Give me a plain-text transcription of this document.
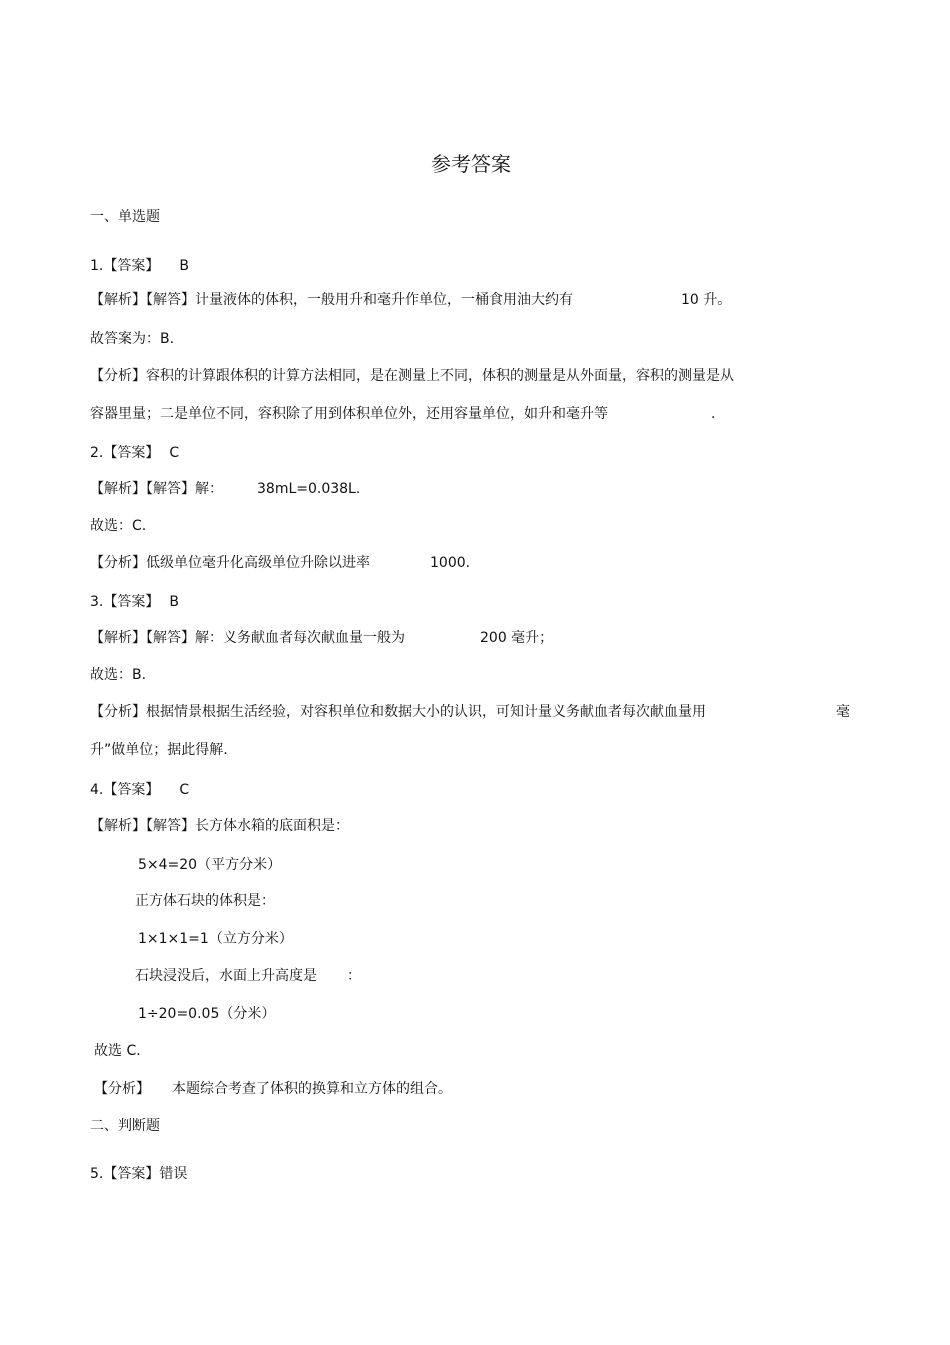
参考答案
一、单选题
1.【答案】 B
【解析】【解答】计量液体的体积，一般用升和毫升作单位，一桶食用油大约有	10 升。
故答案为：B.
【分析】容积的计算跟体积的计算方法相同，是在测量上不同，体积的测量是从外面量，容积的测量是从
容器里量；二是单位不同，容积除了用到体积单位外，还用容量单位，如升和毫升等	.
2.【答案】 C
【解析】【解答】解： 38mL=0.038L.
故选：C.
【分析】低级单位毫升化高级单位升除以进率	1000.
3.【答案】 B
【解析】【解答】解：义务献血者每次献血量一般为	200 毫升；
故选：B.
【分析】根据情景根据生活经验，对容积单位和数据大小的认识，可知计量义务献血者每次献血量用	毫
升”做单位；据此得解.
4.【答案】 C
【解析】【解答】长方体水箱的底面积是：
5×4=20（平方分米）
正方体石块的体积是：
1×1×1=1（立方分米）
石块浸没后，水面上升高度是 ：
1÷20=0.05（分米）
故选 C.
【分析】 本题综合考查了体积的换算和立方体的组合。
二、判断题
5.【答案】错误
